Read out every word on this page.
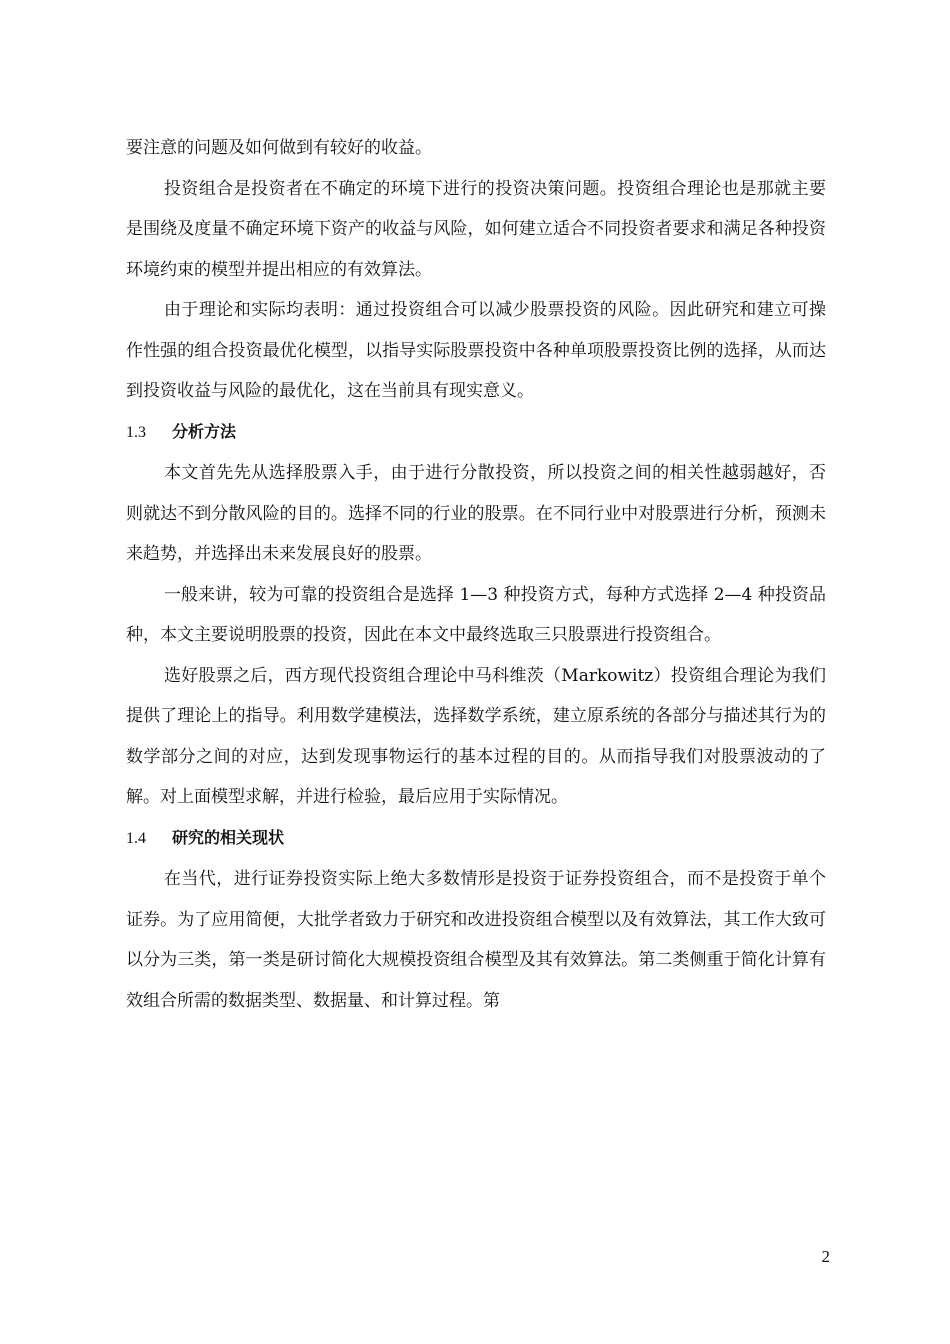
要注意的问题及如何做到有较好的收益。

投资组合是投资者在不确定的环境下进行的投资决策问题。投资组合理论也是那就主要是围绕及度量不确定环境下资产的收益与风险，如何建立适合不同投资者要求和满足各种投资环境约束的模型并提出相应的有效算法。

由于理论和实际均表明：通过投资组合可以减少股票投资的风险。因此研究和建立可操作性强的组合投资最优化模型，以指导实际股票投资中各种单项股票投资比例的选择，从而达到投资收益与风险的最优化，这在当前具有现实意义。

1.3 分析方法

本文首先先从选择股票入手，由于进行分散投资，所以投资之间的相关性越弱越好，否则就达不到分散风险的目的。选择不同的行业的股票。在不同行业中对股票进行分析，预测未来趋势，并选择出未来发展良好的股票。

一般来讲，较为可靠的投资组合是选择 1—3 种投资方式，每种方式选择 2—4 种投资品种，本文主要说明股票的投资，因此在本文中最终选取三只股票进行投资组合。

选好股票之后，西方现代投资组合理论中马科维茨（Markowitz）投资组合理论为我们提供了理论上的指导。利用数学建模法，选择数学系统，建立原系统的各部分与描述其行为的数学部分之间的对应，达到发现事物运行的基本过程的目的。从而指导我们对股票波动的了解。对上面模型求解，并进行检验，最后应用于实际情况。

1.4 研究的相关现状

在当代，进行证券投资实际上绝大多数情形是投资于证券投资组合，而不是投资于单个证券。为了应用简便，大批学者致力于研究和改进投资组合模型以及有效算法，其工作大致可以分为三类，第一类是研讨简化大规模投资组合模型及其有效算法。第二类侧重于简化计算有效组合所需的数据类型、数据量、和计算过程。第

2
